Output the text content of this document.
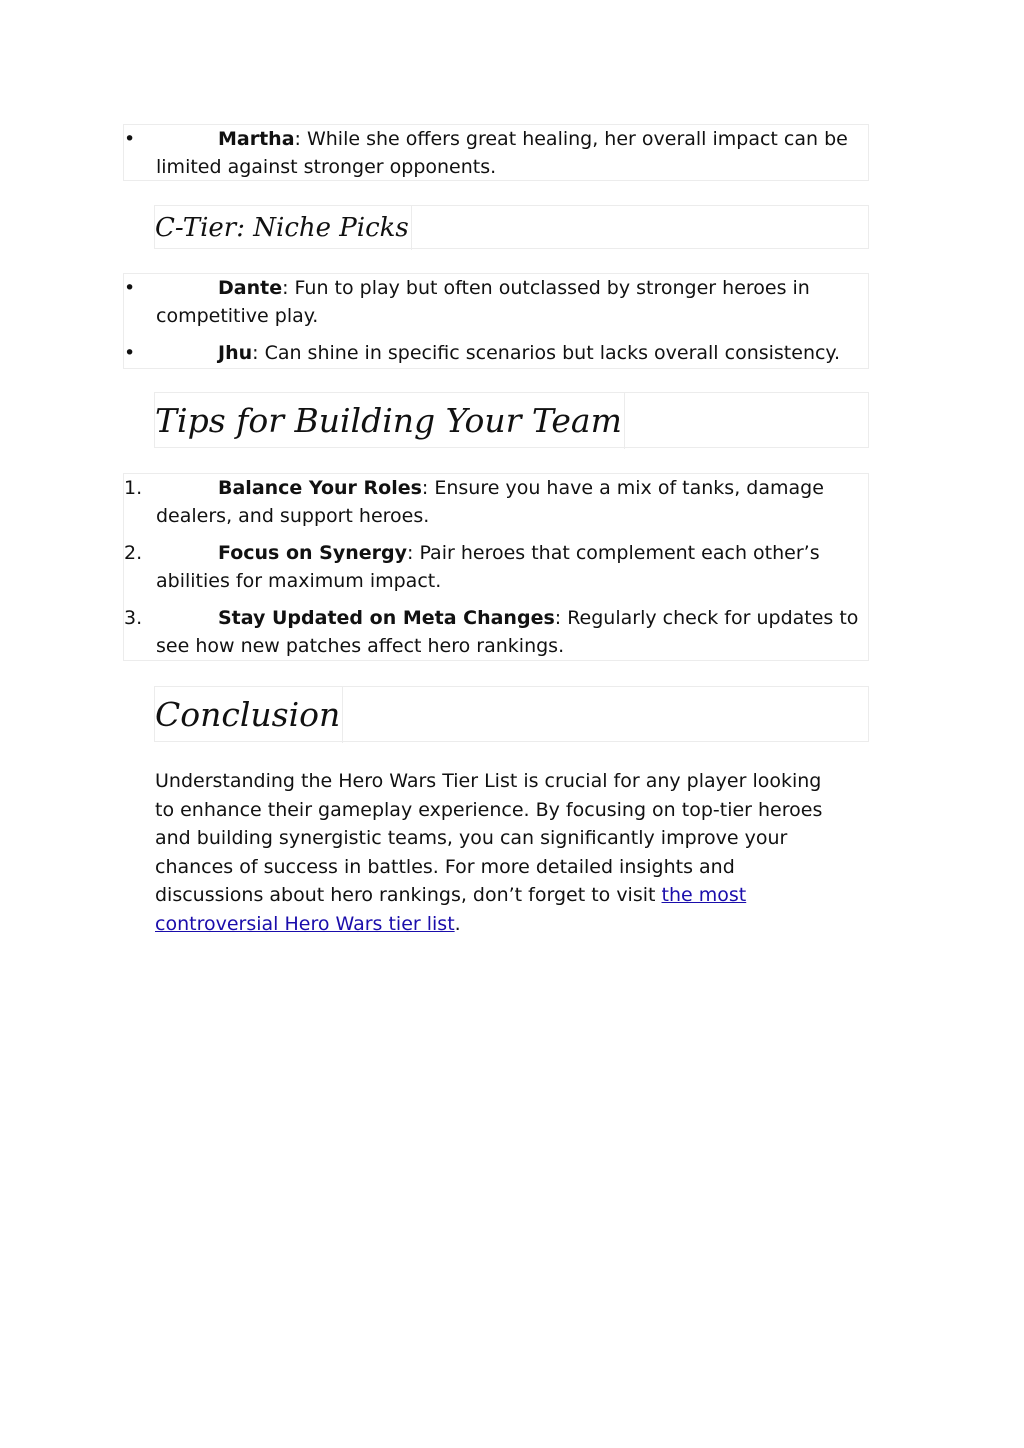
•	Martha: While she offers great healing, her overall impact can be limited against stronger opponents.
C-Tier: Niche Picks
•	Dante: Fun to play but often outclassed by stronger heroes in competitive play.
•	Jhu: Can shine in specific scenarios but lacks overall consistency.
Tips for Building Your Team
1.	Balance Your Roles: Ensure you have a mix of tanks, damage dealers, and support heroes.
2.	Focus on Synergy: Pair heroes that complement each other’s abilities for maximum impact.
3.	Stay Updated on Meta Changes: Regularly check for updates to see how new patches affect hero rankings.
Conclusion
Understanding the Hero Wars Tier List is crucial for any player looking to enhance their gameplay experience. By focusing on top-tier heroes and building synergistic teams, you can significantly improve your chances of success in battles. For more detailed insights and discussions about hero rankings, don’t forget to visit the most controversial Hero Wars tier list.
